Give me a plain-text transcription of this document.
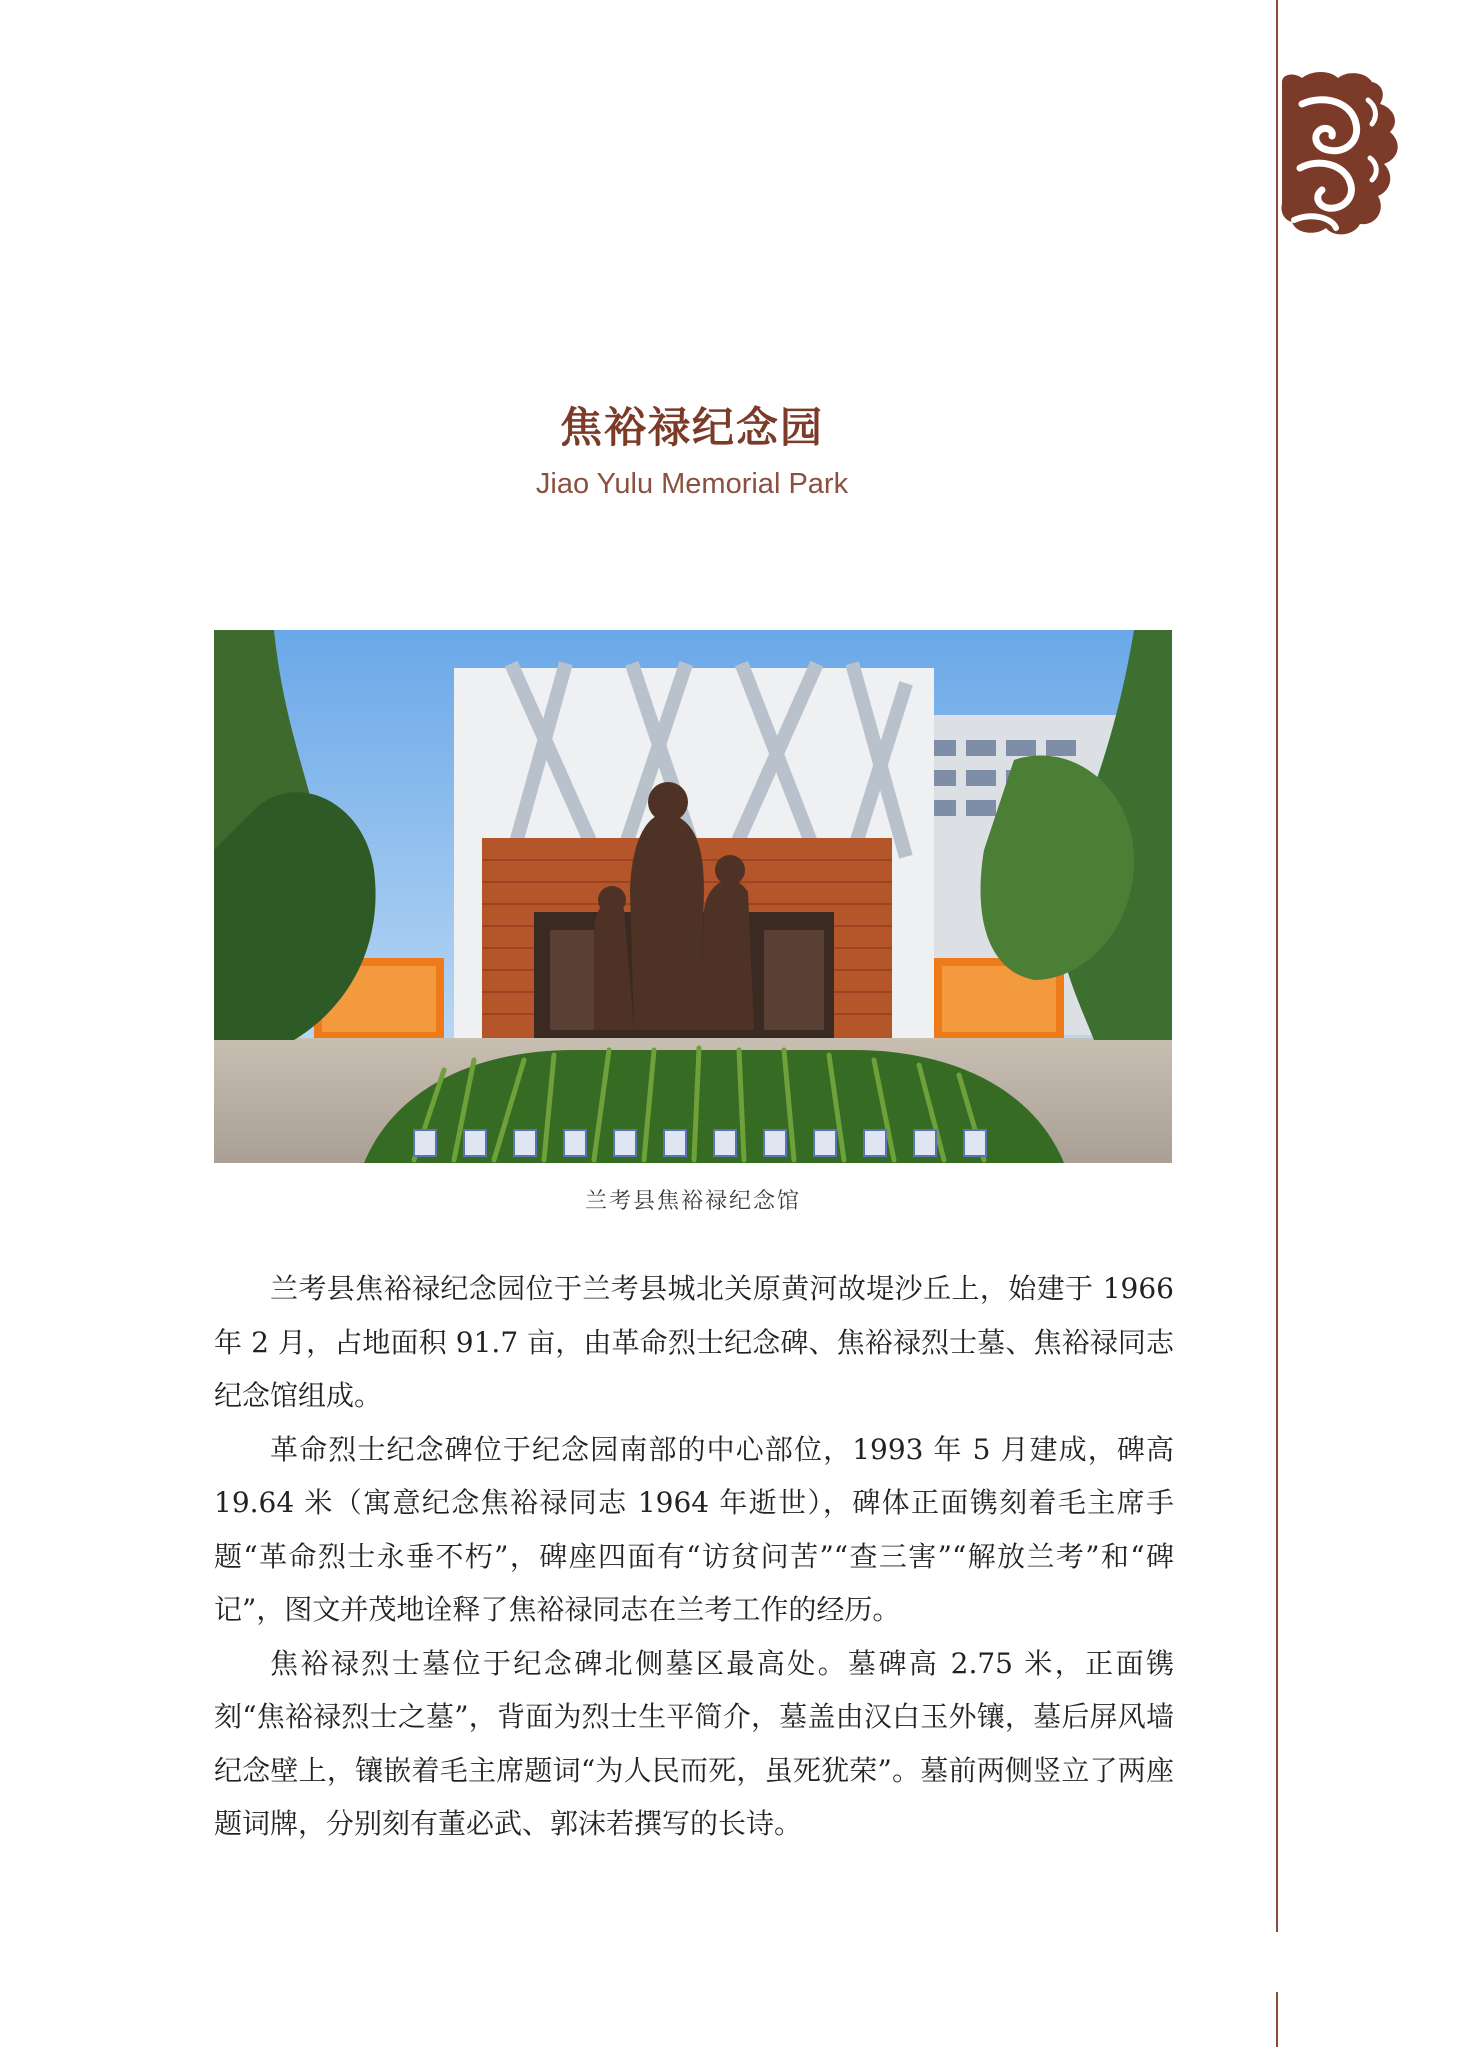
焦裕禄纪念园
Jiao Yulu Memorial Park
兰考县焦裕禄纪念馆

兰考县焦裕禄纪念园位于兰考县城北关原黄河故堤沙丘上，始建于 1966 年 2 月，占地面积 91.7 亩，由革命烈士纪念碑、焦裕禄烈士墓、焦裕禄同志纪念馆组成。

革命烈士纪念碑位于纪念园南部的中心部位，1993 年 5 月建成，碑高 19.64 米（寓意纪念焦裕禄同志 1964 年逝世），碑体正面镌刻着毛主席手题“革命烈士永垂不朽”，碑座四面有“访贫问苦”“查三害”“解放兰考”和“碑记”，图文并茂地诠释了焦裕禄同志在兰考工作的经历。

焦裕禄烈士墓位于纪念碑北侧墓区最高处。墓碑高 2.75 米，正面镌刻“焦裕禄烈士之墓”，背面为烈士生平简介，墓盖由汉白玉外镶，墓后屏风墙纪念壁上，镶嵌着毛主席题词“为人民而死，虽死犹荣”。墓前两侧竖立了两座题词牌，分别刻有董必武、郭沫若撰写的长诗。
